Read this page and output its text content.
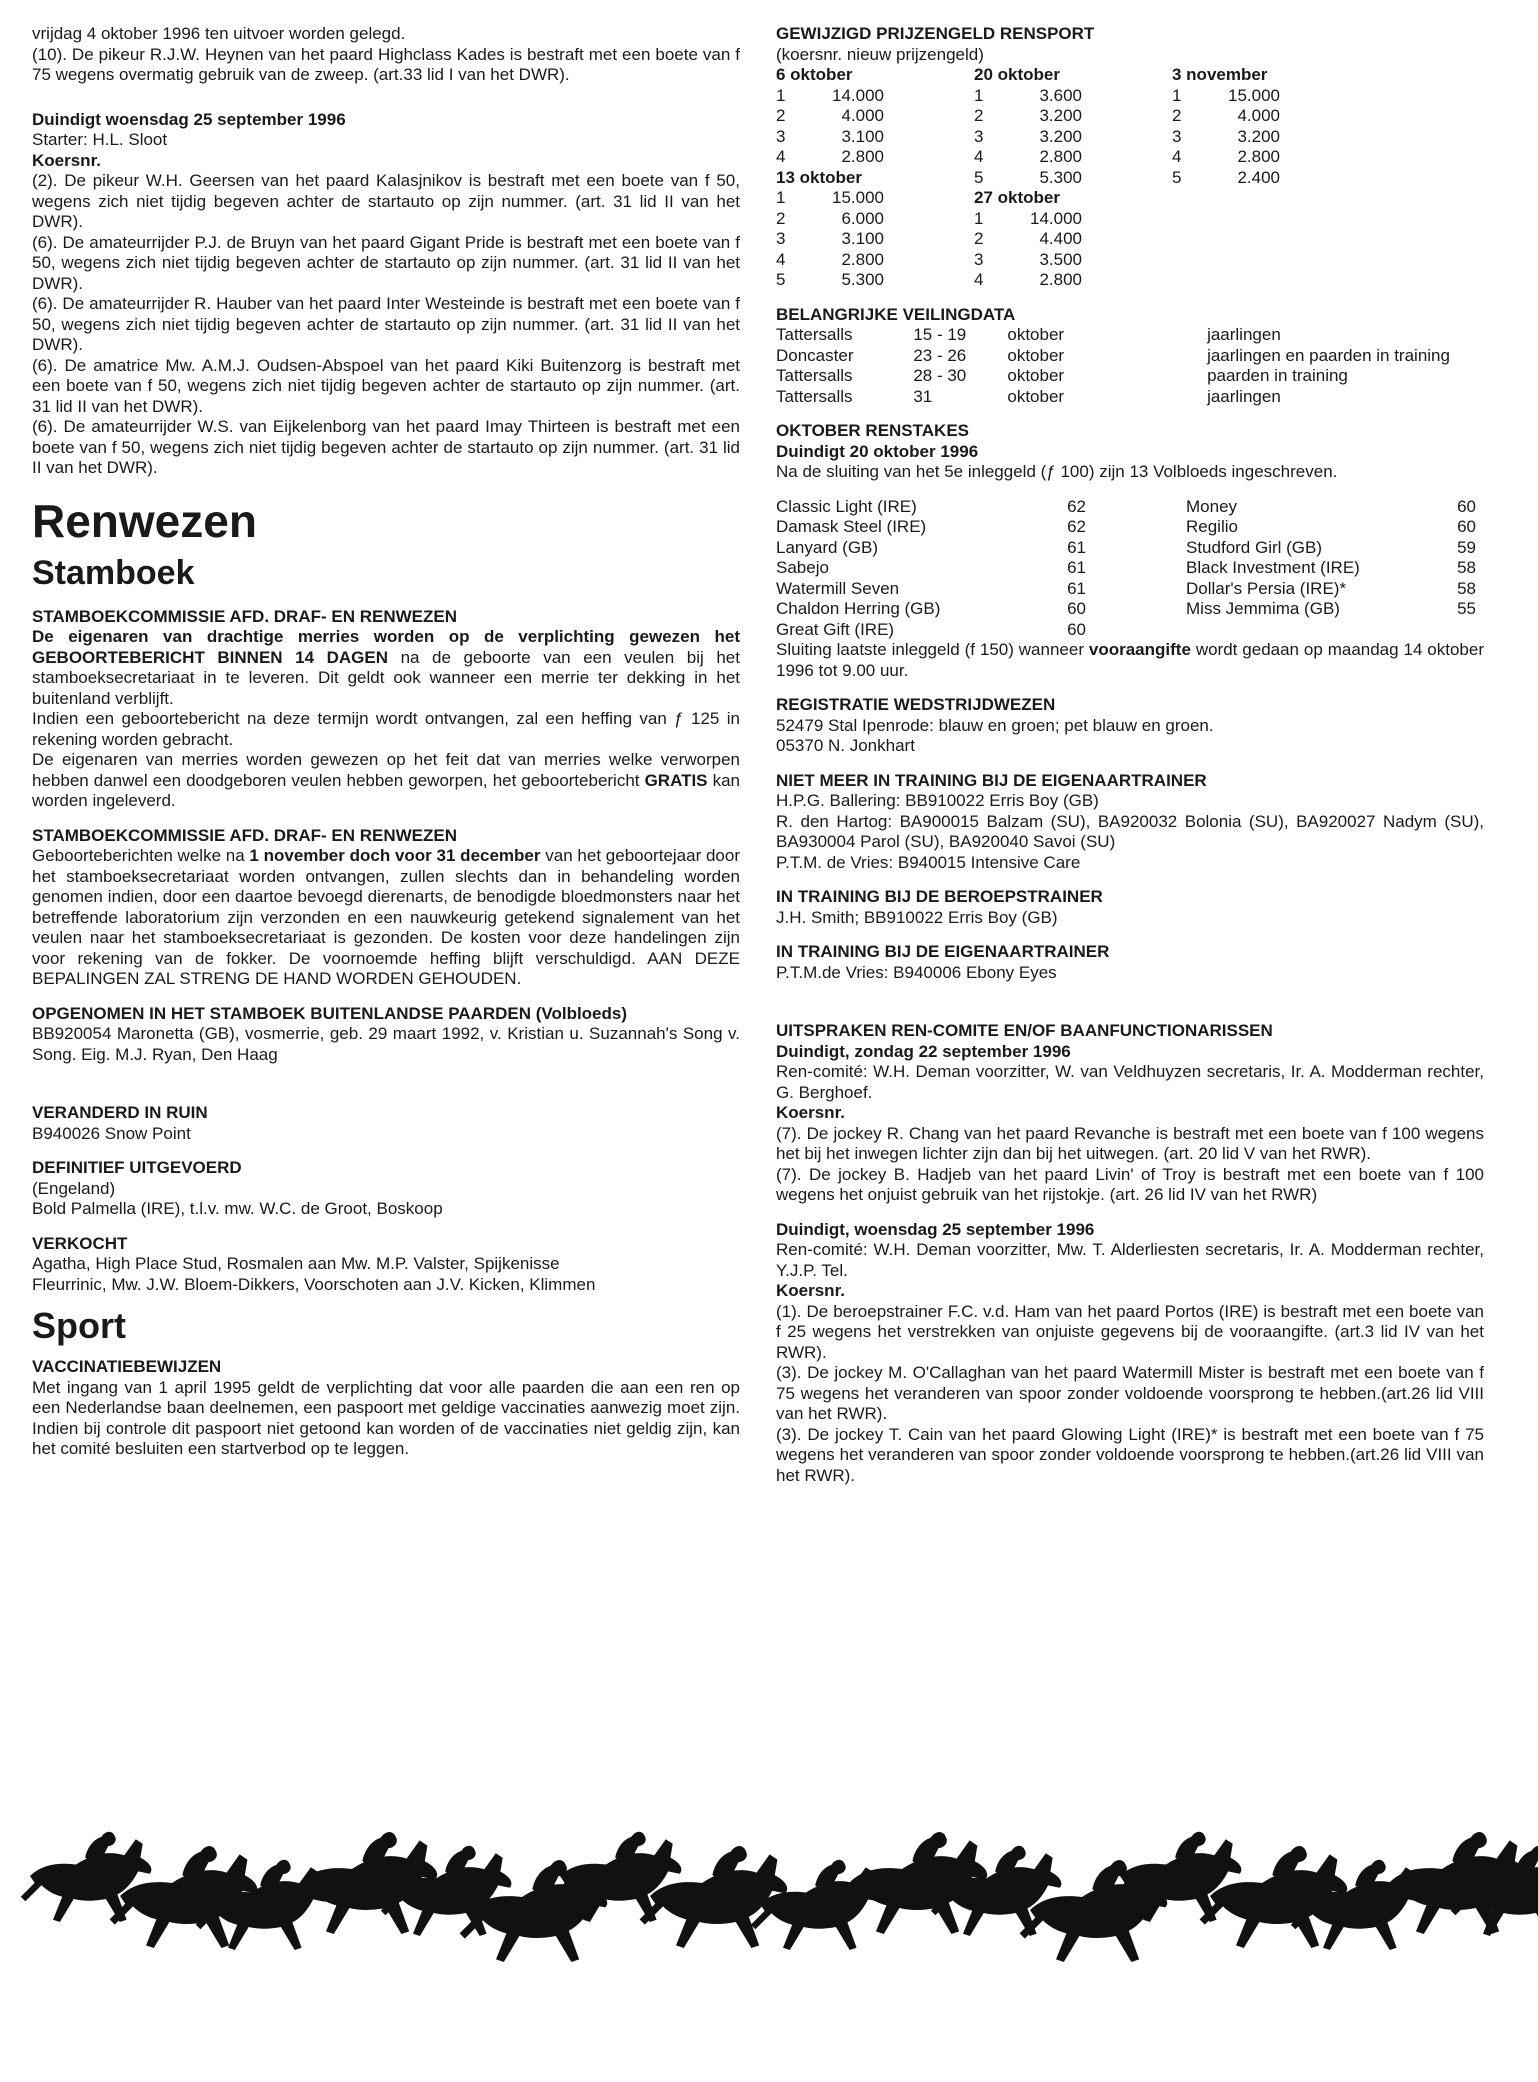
vrijdag 4 oktober 1996 ten uitvoer worden gelegd.

(10). De pikeur R.J.W. Heynen van het paard Highclass Kades is bestraft met een boete van f 75 wegens overmatig gebruik van de zweep. (art.33 lid I van het DWR).

Duindigt woensdag 25 september 1996

Starter: H.L. Sloot

Koersnr.

(2). De pikeur W.H. Geersen van het paard Kalasjnikov is bestraft met een boete van f 50, wegens zich niet tijdig begeven achter de startauto op zijn nummer. (art. 31 lid II van het DWR).

(6). De amateurrijder P.J. de Bruyn van het paard Gigant Pride is bestraft met een boete van f 50, wegens zich niet tijdig begeven achter de startauto op zijn nummer. (art. 31 lid II van het DWR).

(6). De amateurrijder R. Hauber van het paard Inter Westeinde is bestraft met een boete van f 50, wegens zich niet tijdig begeven achter de startauto op zijn nummer. (art. 31 lid II van het DWR).

(6). De amatrice Mw. A.M.J. Oudsen-Abspoel van het paard Kiki Buitenzorg is bestraft met een boete van f 50, wegens zich niet tijdig begeven achter de startauto op zijn nummer. (art. 31 lid II van het DWR).

(6). De amateurrijder W.S. van Eijkelenborg van het paard Imay Thirteen is bestraft met een boete van f 50, wegens zich niet tijdig begeven achter de startauto op zijn nummer. (art. 31 lid II van het DWR).

Renwezen
Stamboek

STAMBOEKCOMMISSIE AFD. DRAF- EN RENWEZEN

De eigenaren van drachtige merries worden op de verplichting gewezen het GEBOORTEBERICHT BINNEN 14 DAGEN na de geboorte van een veulen bij het stamboeksecretariaat in te leveren. Dit geldt ook wanneer een merrie ter dekking in het buitenland verblijft.

Indien een geboortebericht na deze termijn wordt ontvangen, zal een heffing van ƒ 125 in rekening worden gebracht.

De eigenaren van merries worden gewezen op het feit dat van merries welke verworpen hebben danwel een doodgeboren veulen hebben geworpen, het geboortebericht GRATIS kan worden ingeleverd.

STAMBOEKCOMMISSIE AFD. DRAF- EN RENWEZEN

Geboorteberichten welke na 1 november doch voor 31 december van het geboortejaar door het stamboeksecretariaat worden ontvangen, zullen slechts dan in behandeling worden genomen indien, door een daartoe bevoegd dierenarts, de benodigde bloedmonsters naar het betreffende laboratorium zijn verzonden en een nauwkeurig getekend signalement van het veulen naar het stamboeksecretariaat is gezonden. De kosten voor deze handelingen zijn voor rekening van de fokker. De voornoemde heffing blijft verschuldigd. AAN DEZE BEPALINGEN ZAL STRENG DE HAND WORDEN GEHOUDEN.

OPGENOMEN IN HET STAMBOEK BUITENLANDSE PAARDEN (Volbloeds)

BB920054 Maronetta (GB), vosmerrie, geb. 29 maart 1992, v. Kristian u. Suzannah's Song v. Song. Eig. M.J. Ryan, Den Haag

VERANDERD IN RUIN

B940026 Snow Point

DEFINITIEF UITGEVOERD

(Engeland)

Bold Palmella (IRE), t.l.v. mw. W.C. de Groot, Boskoop

VERKOCHT

Agatha, High Place Stud, Rosmalen aan Mw. M.P. Valster, Spijkenisse

Fleurrinic, Mw. J.W. Bloem-Dikkers, Voorschoten aan J.V. Kicken, Klimmen

Sport

VACCINATIEBEWIJZEN

Met ingang van 1 april 1995 geldt de verplichting dat voor alle paarden die aan een ren op een Nederlandse baan deelnemen, een paspoort met geldige vaccinaties aanwezig moet zijn. Indien bij controle dit paspoort niet getoond kan worden of de vaccinaties niet geldig zijn, kan het comité besluiten een startverbod op te leggen.

GEWIJZIGD PRIJZENGELD RENSPORT

(koersnr. nieuw prijzengeld)

6 oktober		20 oktober		3 november	
1	14.000	1	3.600	1	15.000
2	4.000	2	3.200	2	4.000
3	3.100	3	3.200	3	3.200
4	2.800	4	2.800	4	2.800
13 oktober		5	5.300	5	2.400
1	15.000	27 oktober			
2	6.000	1	14.000		
3	3.100	2	4.400		
4	2.800	3	3.500		
5	5.300	4	2.800		

BELANGRIJKE VEILINGDATA

Tattersalls	15 - 19	oktober	jaarlingen
Doncaster	23 - 26	oktober	jaarlingen en paarden in training
Tattersalls	28 - 30	oktober	paarden in training
Tattersalls	31	oktober	jaarlingen

OKTOBER RENSTAKES

Duindigt 20 oktober 1996

Na de sluiting van het 5e inleggeld (ƒ 100) zijn 13 Volbloeds ingeschreven.

Classic Light (IRE)	62	Money	60
Damask Steel (IRE)	62	Regilio	60
Lanyard (GB)	61	Studford Girl (GB)	59
Sabejo	61	Black Investment (IRE)	58
Watermill Seven	61	Dollar's Persia (IRE)*	58
Chaldon Herring (GB)	60	Miss Jemmima (GB)	55
Great Gift (IRE)	60		

Sluiting laatste inleggeld (f 150) wanneer vooraangifte wordt gedaan op maandag 14 oktober 1996 tot 9.00 uur.

REGISTRATIE WEDSTRIJDWEZEN

52479 Stal Ipenrode: blauw en groen; pet blauw en groen.

05370 N. Jonkhart

NIET MEER IN TRAINING BIJ DE EIGENAARTRAINER

H.P.G. Ballering: BB910022 Erris Boy (GB)

R. den Hartog: BA900015 Balzam (SU), BA920032 Bolonia (SU), BA920027 Nadym (SU), BA930004 Parol (SU), BA920040 Savoi (SU)

P.T.M. de Vries: B940015 Intensive Care

IN TRAINING BIJ DE BEROEPSTRAINER

J.H. Smith; BB910022 Erris Boy (GB)

IN TRAINING BIJ DE EIGENAARTRAINER

P.T.M.de Vries: B940006 Ebony Eyes

UITSPRAKEN REN-COMITE EN/OF BAANFUNCTIONARISSEN

Duindigt, zondag 22 september 1996

Ren-comité: W.H. Deman voorzitter, W. van Veldhuyzen secretaris, Ir. A. Modderman rechter, G. Berghoef.

Koersnr.

(7). De jockey R. Chang van het paard Revanche is bestraft met een boete van f 100 wegens het bij het inwegen lichter zijn dan bij het uitwegen. (art. 20 lid V van het RWR).

(7). De jockey B. Hadjeb van het paard Livin' of Troy is bestraft met een boete van f 100 wegens het onjuist gebruik van het rijstokje. (art. 26 lid IV van het RWR)

Duindigt, woensdag 25 september 1996

Ren-comité: W.H. Deman voorzitter, Mw. T. Alderliesten secretaris, Ir. A. Modderman rechter, Y.J.P. Tel.

Koersnr.

(1). De beroepstrainer F.C. v.d. Ham van het paard Portos (IRE) is bestraft met een boete van f 25 wegens het verstrekken van onjuiste gegevens bij de vooraangifte. (art.3 lid IV van het RWR).

(3). De jockey M. O'Callaghan van het paard Watermill Mister is bestraft met een boete van f 75 wegens het veranderen van spoor zonder voldoende voorsprong te hebben.(art.26 lid VIII van het RWR).

(3). De jockey T. Cain van het paard Glowing Light (IRE)* is bestraft met een boete van f 75 wegens het veranderen van spoor zonder voldoende voorsprong te hebben.(art.26 lid VIII van het RWR).
